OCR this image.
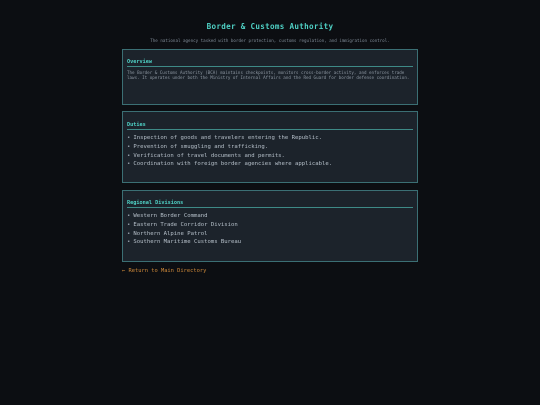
Border & Customs Authority
The national agency tasked with border protection, customs regulation, and immigration control.
Overview
The Border & Customs Authority (BCA) maintains checkpoints, monitors cross-border activity, and enforces trade laws. It operates under both the Ministry of Internal Affairs and the Red Guard for border defense coordination.
Duties
• Inspection of goods and travelers entering the Republic.
• Prevention of smuggling and trafficking.
• Verification of travel documents and permits.
• Coordination with foreign border agencies where applicable.
Regional Divisions
• Western Border Command
• Eastern Trade Corridor Division
• Northern Alpine Patrol
• Southern Maritime Customs Bureau
← Return to Main Directory
